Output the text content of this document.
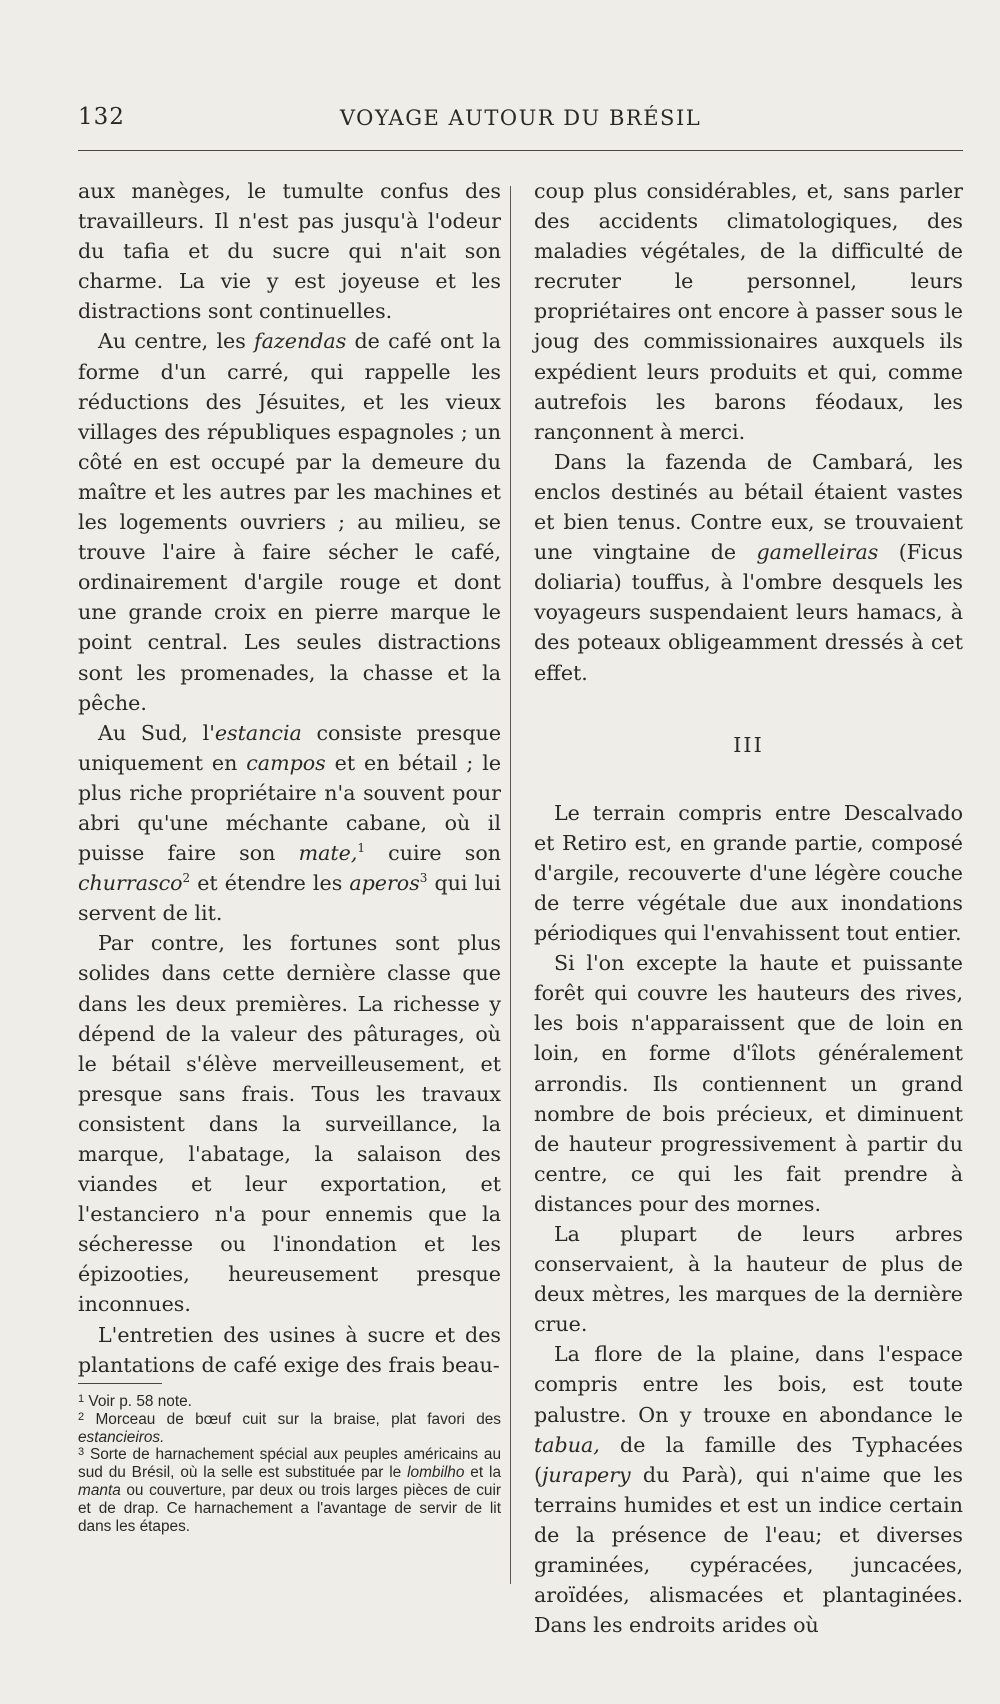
132	VOYAGE AUTOUR DU BRÉSIL

aux manèges, le tumulte confus des travailleurs. Il n'est pas jusqu'à l'odeur du tafia et du sucre qui n'ait son charme. La vie y est joyeuse et les distractions sont continuelles.

Au centre, les fazendas de café ont la forme d'un carré, qui rappelle les réductions des Jésuites, et les vieux villages des républiques espagnoles ; un côté en est occupé par la demeure du maître et les autres par les machines et les logements ouvriers ; au milieu, se trouve l'aire à faire sécher le café, ordinairement d'argile rouge et dont une grande croix en pierre marque le point central. Les seules distractions sont les promenades, la chasse et la pêche.

Au Sud, l'estancia consiste presque uniquement en campos et en bétail ; le plus riche propriétaire n'a souvent pour abri qu'une méchante cabane, où il puisse faire son mate,$^1$ cuire son churrasco$^2$ et étendre les aperos$^3$ qui lui servent de lit.

Par contre, les fortunes sont plus solides dans cette dernière classe que dans les deux premières. La richesse y dépend de la valeur des pâturages, où le bétail s'élève merveilleusement, et presque sans frais. Tous les travaux consistent dans la surveillance, la marque, l'abatage, la salaison des viandes et leur exportation, et l'estanciero n'a pour ennemis que la sécheresse ou l'inondation et les épizooties, heureusement presque inconnues.

L'entretien des usines à sucre et des plantations de café exige des frais beau-

$^1$ Voir p. 58 note.

$^2$ Morceau de bœuf cuit sur la braise, plat favori des estancieiros.

$^3$ Sorte de harnachement spécial aux peuples américains au sud du Brésil, où la selle est substituée par le lombilho et la manta ou couverture, par deux ou trois larges pièces de cuir et de drap. Ce harnachement a l'avantage de servir de lit dans les étapes.

coup plus considérables, et, sans parler des accidents climatologiques, des maladies végétales, de la difficulté de recruter le personnel, leurs propriétaires ont encore à passer sous le joug des commissionaires auxquels ils expédient leurs produits et qui, comme autrefois les barons féodaux, les rançonnent à merci.

Dans la fazenda de Cambará, les enclos destinés au bétail étaient vastes et bien tenus. Contre eux, se trouvaient une vingtaine de gamelleiras (Ficus doliaria) touffus, à l'ombre desquels les voyageurs suspendaient leurs hamacs, à des poteaux obligeamment dressés à cet effet.

III

Le terrain compris entre Descalvado et Retiro est, en grande partie, composé d'argile, recouverte d'une légère couche de terre végétale due aux inondations périodiques qui l'envahissent tout entier.

Si l'on excepte la haute et puissante forêt qui couvre les hauteurs des rives, les bois n'apparaissent que de loin en loin, en forme d'îlots généralement arrondis. Ils contiennent un grand nombre de bois précieux, et diminuent de hauteur progressivement à partir du centre, ce qui les fait prendre à distances pour des mornes.

La plupart de leurs arbres conservaient, à la hauteur de plus de deux mètres, les marques de la dernière crue.

La flore de la plaine, dans l'espace compris entre les bois, est toute palustre. On y trouxe en abondance le tabua, de la famille des Typhacées (jurapery du Parà), qui n'aime que les terrains humides et est un indice certain de la présence de l'eau; et diverses graminées, cypéracées, juncacées, aroïdées, alismacées et plantaginées. Dans les endroits arides où
